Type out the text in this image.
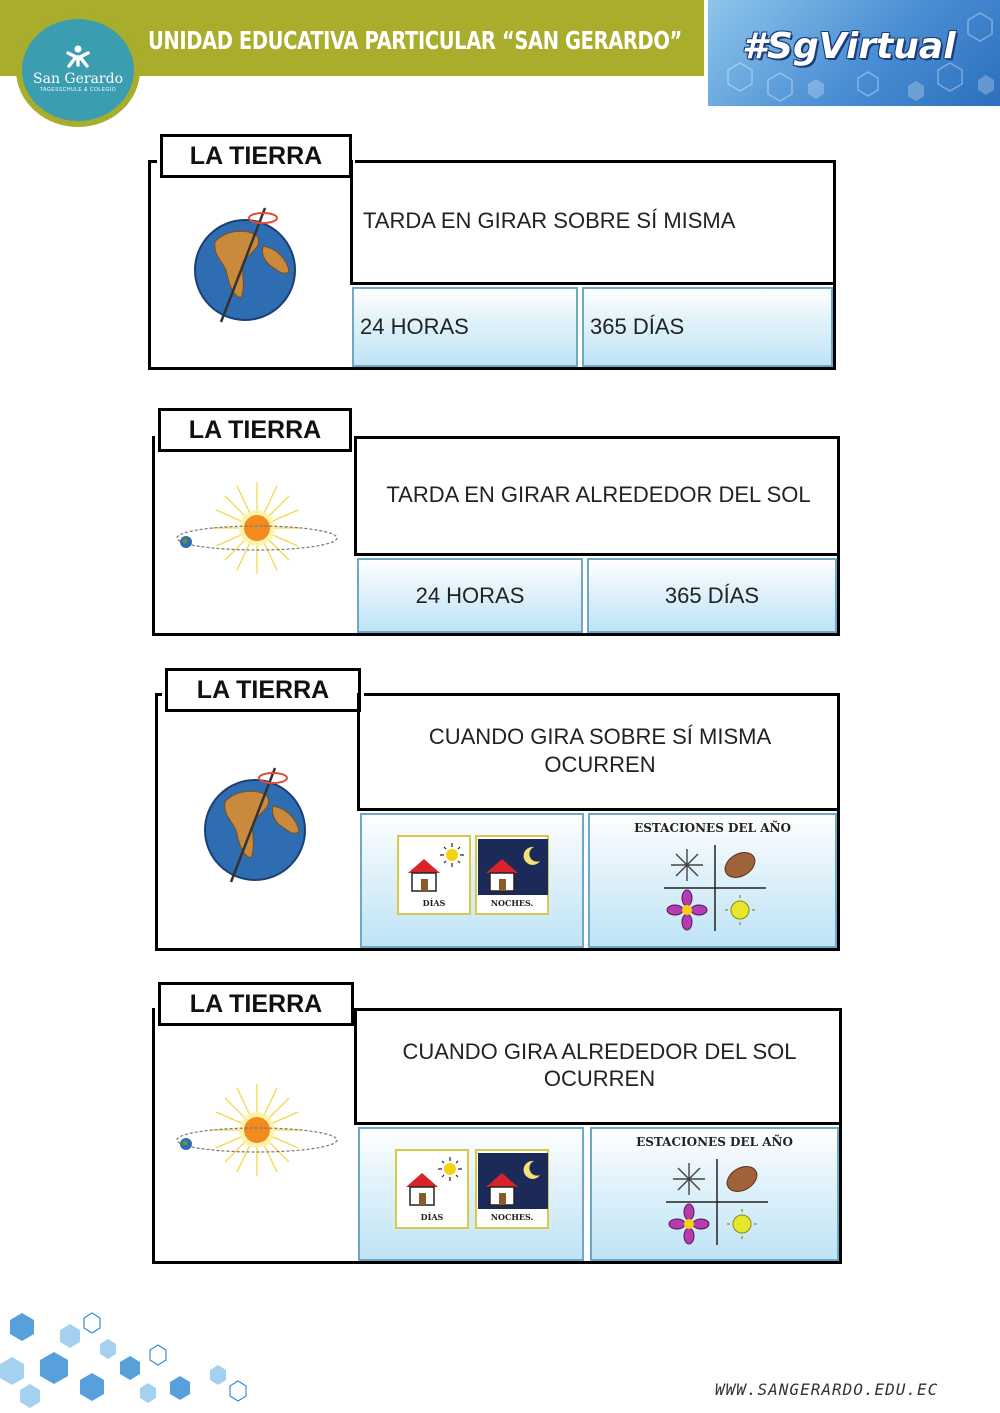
UNIDAD EDUCATIVA PARTICULAR “SAN GERARDO”
San Gerardo
TAGESSCHULE & COLEGIO
#SgVirtual
LA TIERRA
TARDA EN GIRAR SOBRE SÍ MISMA
24 HORAS	365 DÍAS
LA TIERRA
TARDA EN GIRAR ALREDEDOR DEL SOL
24 HORAS	365 DÍAS
LA TIERRA
CUANDO GIRA SOBRE SÍ MISMA OCURREN
DÍAS	NOCHES.
ESTACIONES DEL AÑO
LA TIERRA
CUANDO GIRA ALREDEDOR DEL SOL OCURREN
DÍAS	NOCHES.
ESTACIONES DEL AÑO
WWW.SANGERARDO.EDU.EC
